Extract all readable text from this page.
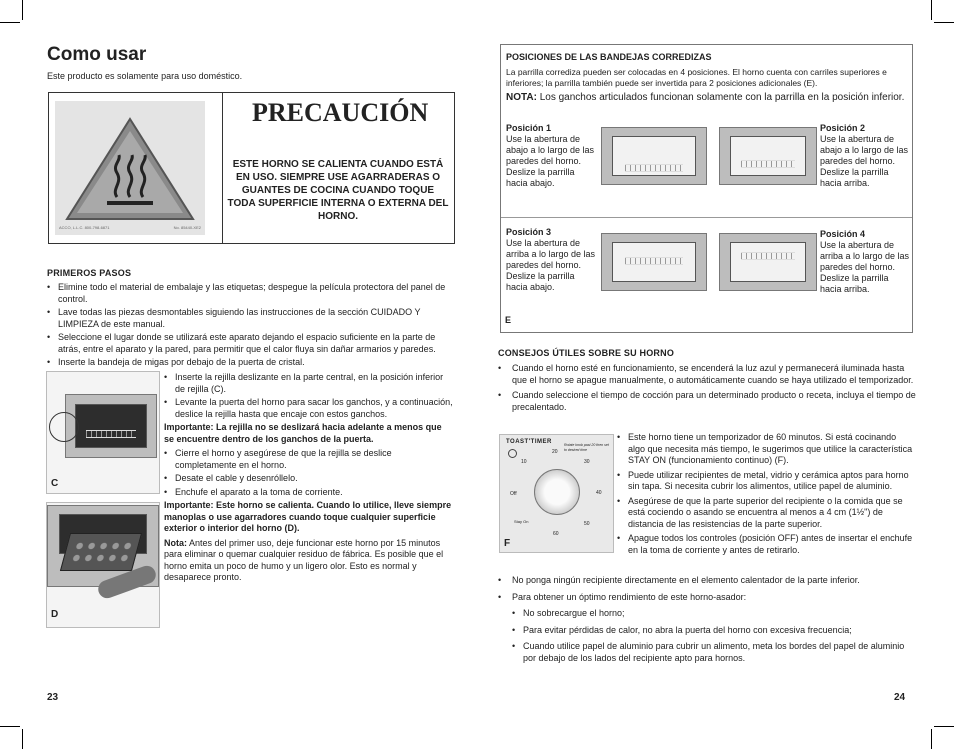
Como usar
Este producto es solamente para uso doméstico.
ACCO, L.L.C. 800-798-6871	No. 85440-XE2
PRECAUCIÓN
ESTE HORNO SE CALIENTA CUANDO ESTÁ EN USO. SIEMPRE USE AGARRADERAS O GUANTES DE COCINA CUANDO TOQUE TODA SUPERFICIE INTERNA O EXTERNA DEL HORNO.
PRIMEROS PASOS
• Elimine todo el material de embalaje y las etiquetas; despegue la película protectora del panel de control.
• Lave todas las piezas desmontables siguiendo las instrucciones de la sección CUIDADO Y LIMPIEZA de este manual.
• Seleccione el lugar donde se utilizará este aparato dejando el espacio suficiente en la parte de atrás, entre el aparato y la pared, para permitir que el calor fluya sin dañar armarios y paredes.
• Inserte la bandeja de migas por debajo de la puerta de cristal.
C
• Inserte la rejilla deslizante en la parte central, en la posición inferior de rejilla (C).
• Levante la puerta del horno para sacar los ganchos, y a continuación, deslice la rejilla hasta que encaje con estos ganchos.
Importante: La rejilla no se deslizará hacia adelante a menos que se encuentre dentro de los ganchos de la puerta.
• Cierre el horno y asegúrese de que la rejilla se deslice completamente en el horno.
• Desate el cable y desenróllelo.
• Enchufe el aparato a la toma de corriente.
Importante: Este horno se calienta. Cuando lo utilice, lleve siempre manoplas o use agarradores cuando toque cualquier superficie exterior o interior del horno (D).
Nota: Antes del primer uso, deje funcionar este horno por 15 minutos para eliminar o quemar cualquier residuo de fábrica. Es posible que el horno emita un poco de humo y un ligero olor. Esto es normal y desaparece pronto.
D
23
POSICIONES DE LAS BANDEJAS CORREDIZAS
La parrilla corrediza pueden ser colocadas en 4 posiciones. El horno cuenta con carriles superiores e inferiores; la parrilla también puede ser invertida para 2 posiciones adicionales (E).
NOTA: Los ganchos articulados funcionan solamente con la parrilla en la posición inferior.
Posición 1
Use la abertura de abajo a lo largo de las paredes del horno. Deslize la parrilla hacia abajo.
Posición 2
Use la abertura de abajo a lo largo de las paredes del horno. Deslize la parrilla hacia arriba.
Posición 3
Use la abertura de arriba a lo largo de las paredes del horno. Deslize la parrilla hacia abajo.
Posición 4
Use la abertura de arriba a lo largo de las paredes del horno. Deslize la parrilla hacia arriba.
E
CONSEJOS ÚTILES SOBRE SU HORNO
• Cuando el horno esté en funcionamiento, se encenderá la luz azul y permanecerá iluminada hasta que el horno se apague manualmente, o automáticamente cuando se haya utilizado el temporizador.
• Cuando seleccione el tiempo de cocción para un determinado producto o receta, incluya el tiempo de precalentado.
TOAST′TIMER	Rotate knob past 20 then set to desired time
10
20
30
40
50
60
Off
Stay On
F
• Este horno tiene un temporizador de 60 minutos. Si está cocinando algo que necesita más tiempo, le sugerimos que utilice la característica STAY ON (funcionamiento continuo) (F).
• Puede utilizar recipientes de metal, vidrio y cerámica aptos para horno sin tapa. Si necesita cubrir los alimentos, utilice papel de aluminio.
• Asegúrese de que la parte superior del recipiente o la comida que se está cociendo o asando se encuentra al menos a 4 cm (1½") de distancia de las resistencias de la parte superior.
• Apague todos los controles (posición OFF) antes de insertar el enchufe en la toma de corriente y antes de retirarlo.
• No ponga ningún recipiente directamente en el elemento calentador de la parte inferior.
• Para obtener un óptimo rendimiento de este horno-asador:
• No sobrecargue el horno;
• Para evitar pérdidas de calor, no abra la puerta del horno con excesiva frecuencia;
• Cuando utilice papel de aluminio para cubrir un alimento, meta los bordes del papel de aluminio por debajo de los lados del recipiente apto para hornos.
24
